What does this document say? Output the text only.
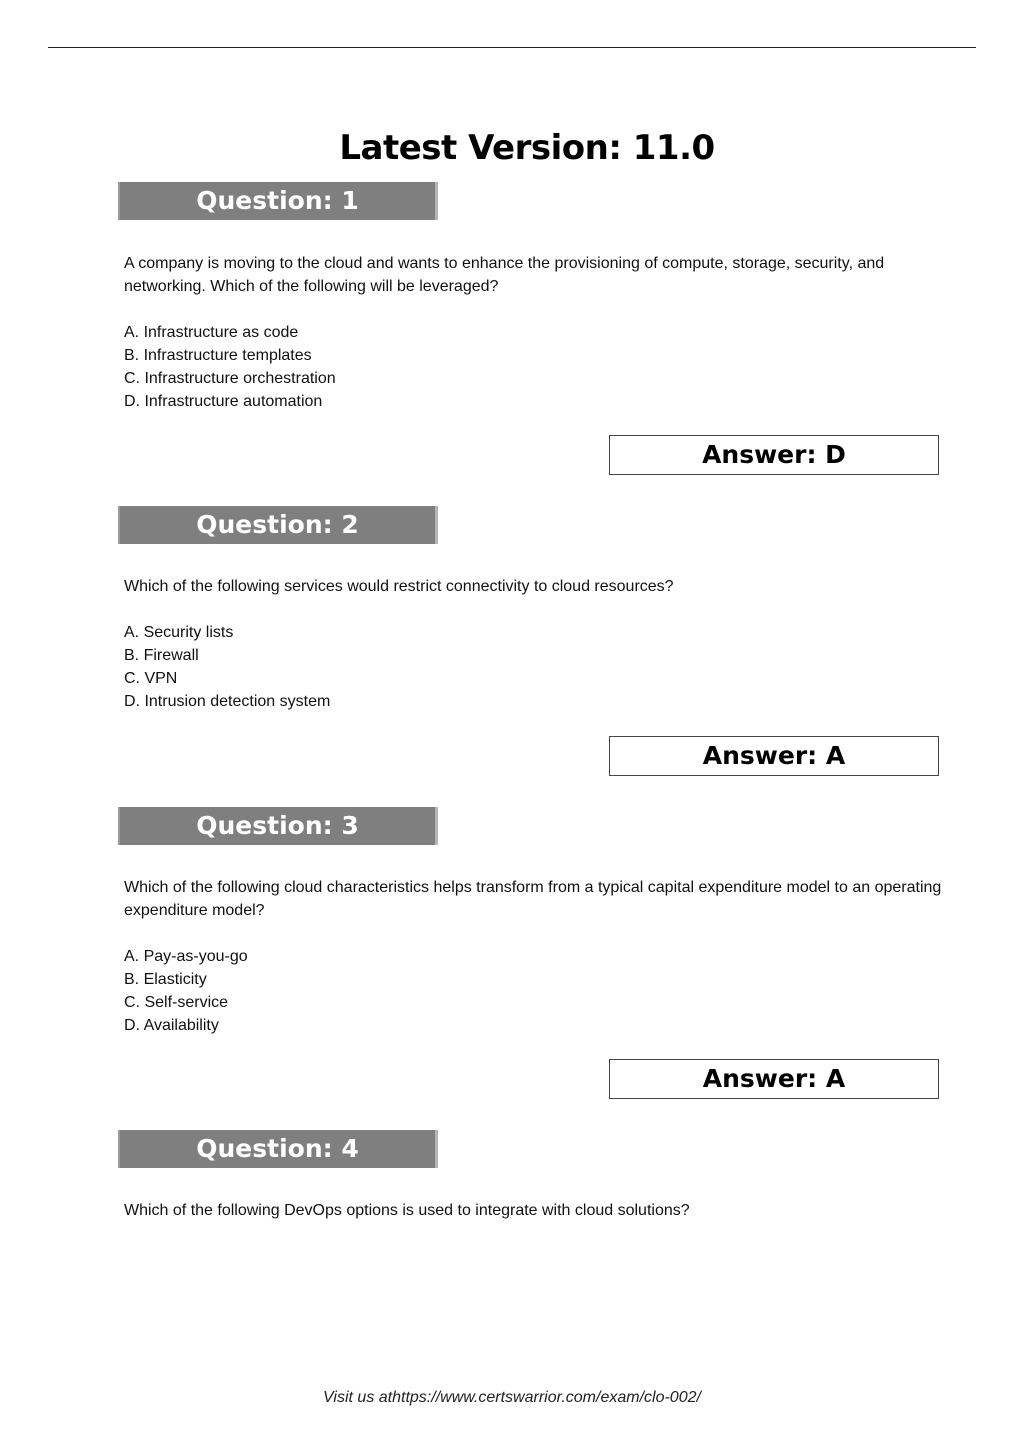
Latest Version: 11.0
Question: 1
A company is moving to the cloud and wants to enhance the provisioning of compute, storage, security, and networking. Which of the following will be leveraged?
A. Infrastructure as code
B. Infrastructure templates
C. Infrastructure orchestration
D. Infrastructure automation
Answer: D
Question: 2
Which of the following services would restrict connectivity to cloud resources?
A. Security lists
B. Firewall
C. VPN
D. Intrusion detection system
Answer: A
Question: 3
Which of the following cloud characteristics helps transform from a typical capital expenditure model to an operating expenditure model?
A. Pay-as-you-go
B. Elasticity
C. Self-service
D. Availability
Answer: A
Question: 4
Which of the following DevOps options is used to integrate with cloud solutions?
Visit us athttps://www.certswarrior.com/exam/clo-002/
